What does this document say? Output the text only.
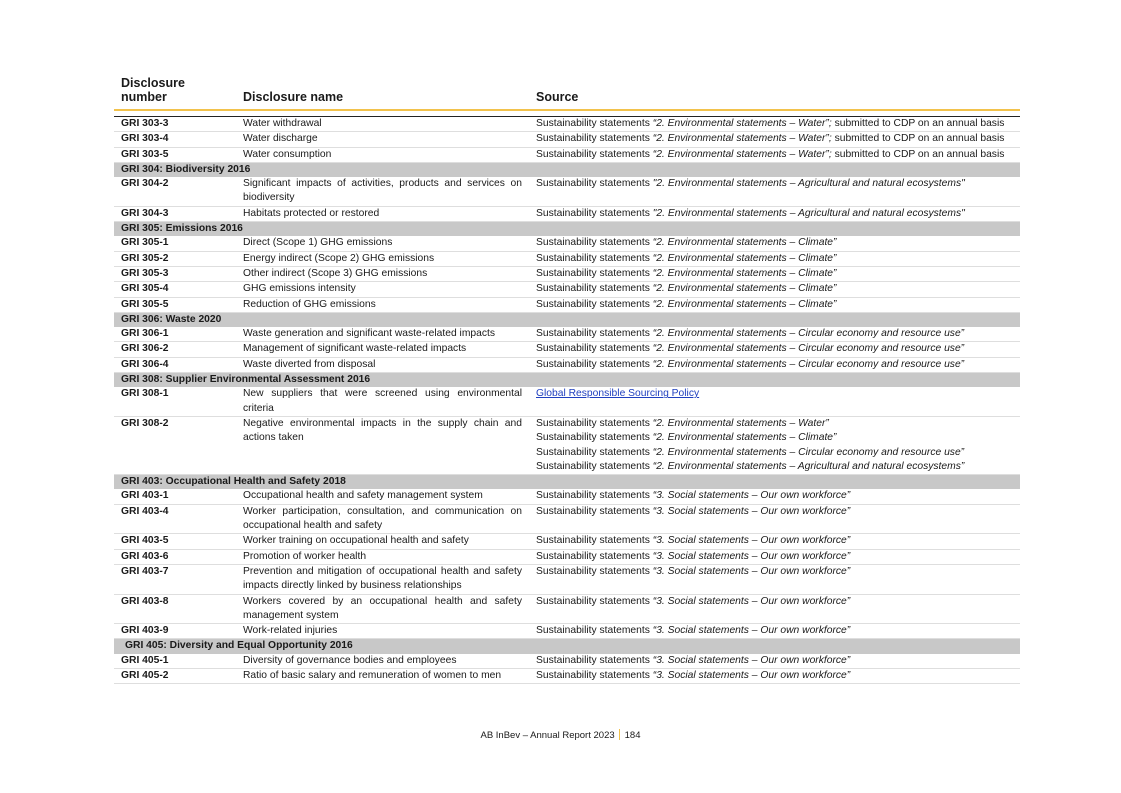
Disclosure number	Disclosure name	Source

GRI 303-3	Water withdrawal	Sustainability statements “2. Environmental statements – Water”; submitted to CDP on an annual basis
GRI 303-4	Water discharge	Sustainability statements “2. Environmental statements – Water”; submitted to CDP on an annual basis
GRI 303-5	Water consumption	Sustainability statements “2. Environmental statements – Water”; submitted to CDP on an annual basis
GRI 304: Biodiversity 2016		
GRI 304-2	Significant impacts of activities, products and services on biodiversity	Sustainability statements "2. Environmental statements – Agricultural and natural ecosystems"
GRI 304-3	Habitats protected or restored	Sustainability statements "2. Environmental statements – Agricultural and natural ecosystems"
GRI 305: Emissions 2016		
GRI 305-1	Direct (Scope 1) GHG emissions	Sustainability statements “2. Environmental statements – Climate”
GRI 305-2	Energy indirect (Scope 2) GHG emissions	Sustainability statements “2. Environmental statements – Climate”
GRI 305-3	Other indirect (Scope 3) GHG emissions	Sustainability statements “2. Environmental statements – Climate”
GRI 305-4	GHG emissions intensity	Sustainability statements “2. Environmental statements – Climate”
GRI 305-5	Reduction of GHG emissions	Sustainability statements “2. Environmental statements – Climate”
GRI 306: Waste 2020		
GRI 306-1	Waste generation and significant waste-related impacts	Sustainability statements “2. Environmental statements – Circular economy and resource use”
GRI 306-2	Management of significant waste-related impacts	Sustainability statements “2. Environmental statements – Circular economy and resource use”
GRI 306-4	Waste diverted from disposal	Sustainability statements “2. Environmental statements – Circular economy and resource use”
GRI 308: Supplier Environmental Assessment 2016		
GRI 308-1	New suppliers that were screened using environmental criteria	Global Responsible Sourcing Policy
GRI 308-2	Negative environmental impacts in the supply chain and actions taken	Sustainability statements “2. Environmental statements – Water”
Sustainability statements “2. Environmental statements – Climate”
Sustainability statements “2. Environmental statements – Circular economy and resource use”
Sustainability statements “2. Environmental statements – Agricultural and natural ecosystems”

GRI 403: Occupational Health and Safety 2018		
GRI 403-1	Occupational health and safety management system	Sustainability statements “3. Social statements – Our own workforce”
GRI 403-4	Worker participation, consultation, and communication on occupational health and safety	Sustainability statements “3. Social statements – Our own workforce”
GRI 403-5	Worker training on occupational health and safety	Sustainability statements “3. Social statements – Our own workforce”
GRI 403-6	Promotion of worker health	Sustainability statements “3. Social statements – Our own workforce”
GRI 403-7	Prevention and mitigation of occupational health and safety impacts directly linked by business relationships	Sustainability statements “3. Social statements – Our own workforce”
GRI 403-8	Workers covered by an occupational health and safety management system	Sustainability statements “3. Social statements – Our own workforce”
GRI 403-9	Work-related injuries	Sustainability statements “3. Social statements – Our own workforce”
GRI 405: Diversity and Equal Opportunity 2016		
GRI 405-1	Diversity of governance bodies and employees	Sustainability statements “3. Social statements – Our own workforce”
GRI 405-2	Ratio of basic salary and remuneration of women to men	Sustainability statements “3. Social statements – Our own workforce”
AB InBev – Annual Report 2023 184
